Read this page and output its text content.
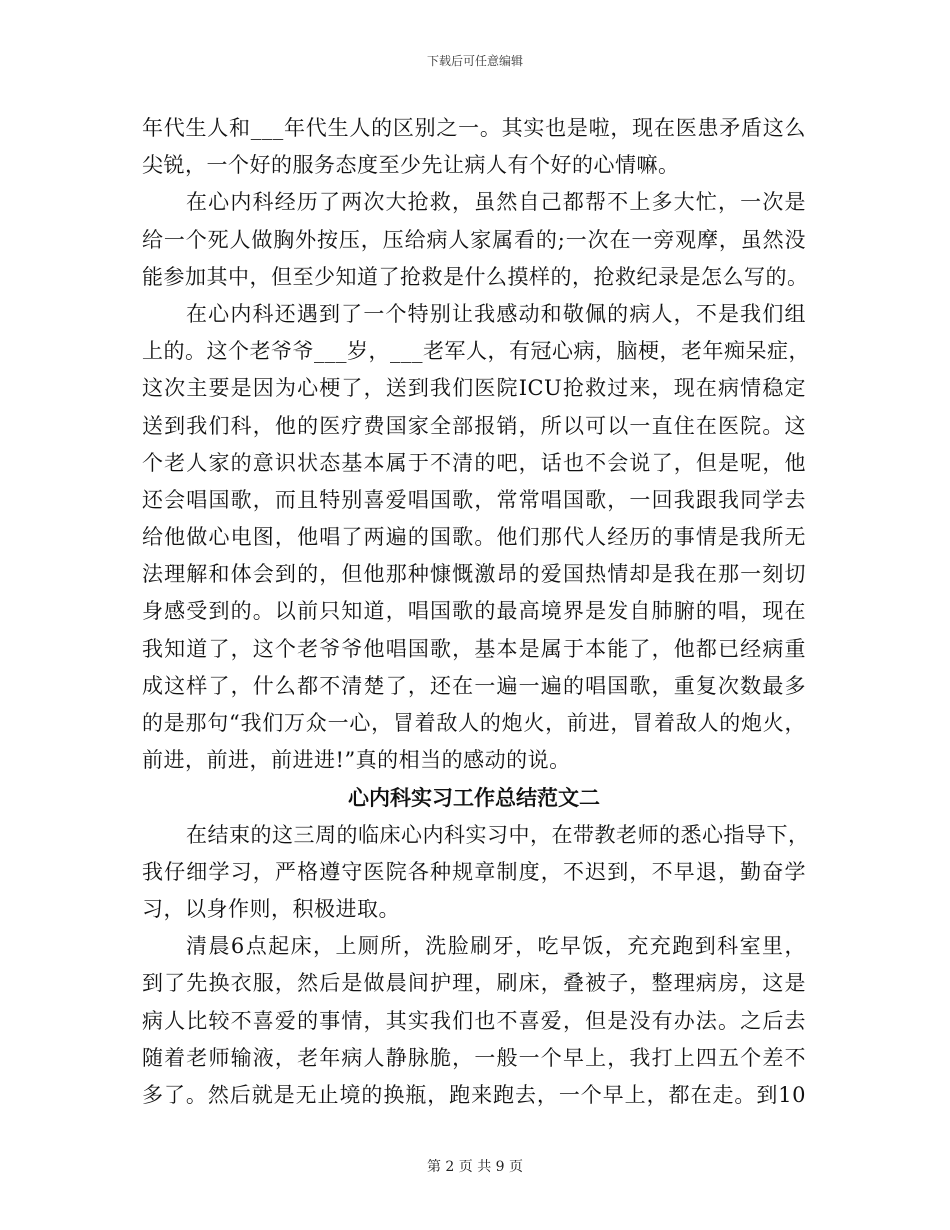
下载后可任意编辑
年代生人和___年代生人的区别之一。其实也是啦，现在医患矛盾这么
尖锐，一个好的服务态度至少先让病人有个好的心情嘛。
在心内科经历了两次大抢救，虽然自己都帮不上多大忙，一次是
给一个死人做胸外按压，压给病人家属看的;一次在一旁观摩，虽然没
能参加其中，但至少知道了抢救是什么摸样的，抢救纪录是怎么写的。
在心内科还遇到了一个特别让我感动和敬佩的病人，不是我们组
上的。这个老爷爷___岁，___老军人，有冠心病，脑梗，老年痴呆症，
这次主要是因为心梗了，送到我们医院ICU抢救过来，现在病情稳定
送到我们科，他的医疗费国家全部报销，所以可以一直住在医院。这
个老人家的意识状态基本属于不清的吧，话也不会说了，但是呢，他
还会唱国歌，而且特别喜爱唱国歌，常常唱国歌，一回我跟我同学去
给他做心电图，他唱了两遍的国歌。他们那代人经历的事情是我所无
法理解和体会到的，但他那种慷慨激昂的爱国热情却是我在那一刻切
身感受到的。以前只知道，唱国歌的最高境界是发自肺腑的唱，现在
我知道了，这个老爷爷他唱国歌，基本是属于本能了，他都已经病重
成这样了，什么都不清楚了，还在一遍一遍的唱国歌，重复次数最多
的是那句“我们万众一心，冒着敌人的炮火，前进，冒着敌人的炮火，
前进，前进，前进进!”真的相当的感动的说。
心内科实习工作总结范文二
在结束的这三周的临床心内科实习中，在带教老师的悉心指导下，
我仔细学习，严格遵守医院各种规章制度，不迟到，不早退，勤奋学
习，以身作则，积极进取。
清晨6点起床，上厕所，洗脸刷牙，吃早饭，充充跑到科室里，
到了先换衣服，然后是做晨间护理，刷床，叠被子，整理病房，这是
病人比较不喜爱的事情，其实我们也不喜爱，但是没有办法。之后去
随着老师输液，老年病人静脉脆，一般一个早上，我打上四五个差不
多了。然后就是无止境的换瓶，跑来跑去，一个早上，都在走。到10
第 2 页 共 9 页
